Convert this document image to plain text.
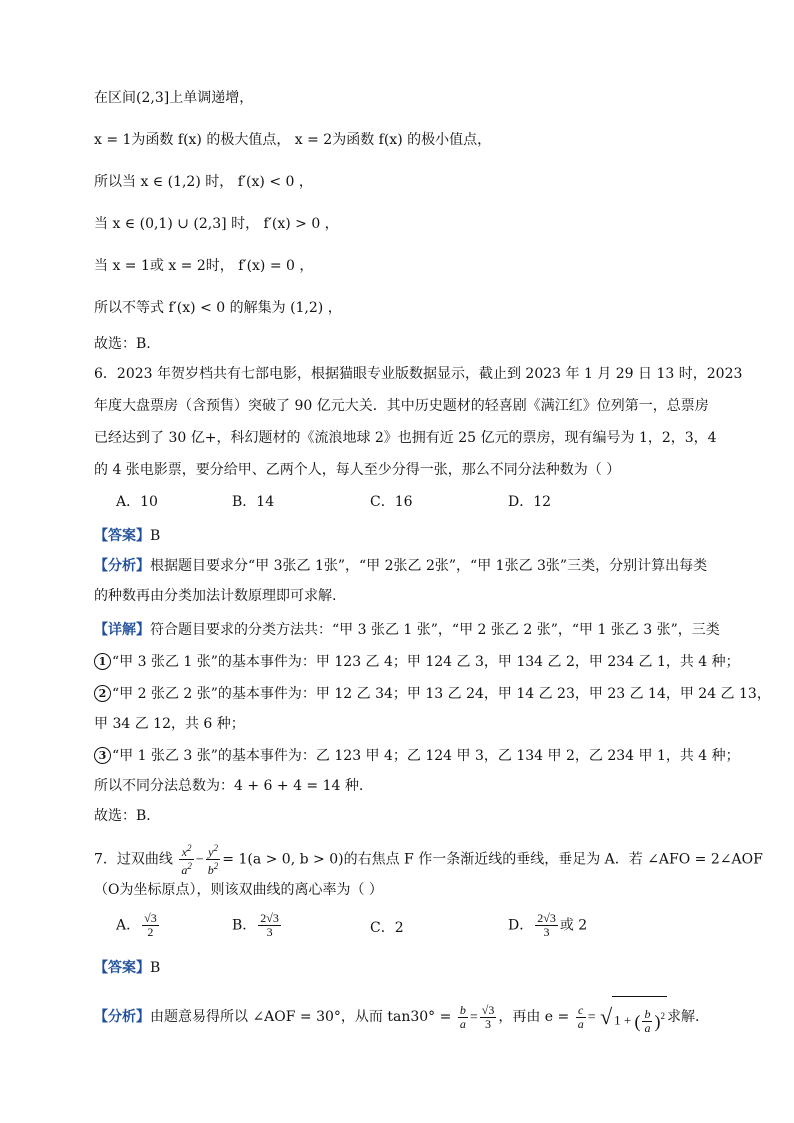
在区间(2,3]上单调递增，
x = 1为函数 f(x) 的极大值点， x = 2为函数 f(x) 的极小值点，
所以当 x ∈ (1,2) 时， f′(x) < 0 ，
当 x ∈ (0,1) ∪ (2,3] 时， f′(x) > 0 ，
当 x = 1或 x = 2时， f′(x) = 0 ，
所以不等式 f′(x) < 0 的解集为 (1,2) ，
故选：B.
6．2023 年贺岁档共有七部电影，根据猫眼专业版数据显示，截止到 2023 年 1 月 29 日 13 时，2023
年度大盘票房（含预售）突破了 90 亿元大关．其中历史题材的轻喜剧《满江红》位列第一，总票房
已经达到了 30 亿+，科幻题材的《流浪地球 2》也拥有近 25 亿元的票房，现有编号为 1，2，3，4
的 4 张电影票，要分给甲、乙两个人，每人至少分得一张，那么不同分法种数为（ ）
A．10	B．14	C．16	D．12
【答案】B
【分析】根据题目要求分“甲 3张乙 1张”，“甲 2张乙 2张”，“甲 1张乙 3张”三类，分别计算出每类
的种数再由分类加法计数原理即可求解.
【详解】符合题目要求的分类方法共：“甲 3 张乙 1 张”，“甲 2 张乙 2 张”，“甲 1 张乙 3 张”，三类
1 “甲 3 张乙 1 张”的基本事件为：甲 123 乙 4；甲 124 乙 3，甲 134 乙 2，甲 234 乙 1，共 4 种；
2 “甲 2 张乙 2 张”的基本事件为：甲 12 乙 34；甲 13 乙 24，甲 14 乙 23，甲 23 乙 14，甲 24 乙 13，
甲 34 乙 12，共 6 种；
3 “甲 1 张乙 3 张”的基本事件为：乙 123 甲 4；乙 124 甲 3，乙 134 甲 2，乙 234 甲 1，共 4 种；
所以不同分法总数为：4 + 6 + 4 = 14 种.
故选：B．
7．过双曲线 $\frac{x^2}{a^2} - \frac{y^2}{b^2} = 1(a > 0$, b > 0)的右焦点 F 作一条渐近线的垂线，垂足为 A．若 ∠AFO = 2∠AOF
（O为坐标原点），则该双曲线的离心率为（ ）
A． $\frac{√3}{2}$	B． $\frac{2√3}{3}$	C．2	D． $\frac{2√3}{3}$ 或 2
【答案】B
【分析】由题意易得所以 ∠AOF = 30°，从而 $\tan 30^\circ = \frac{b}{a} = \frac{√3}{3}$ ，再由 $e = \frac{c}{a}$ = √ 1 + ( $\frac{b}{a} )^2$ 求解.
